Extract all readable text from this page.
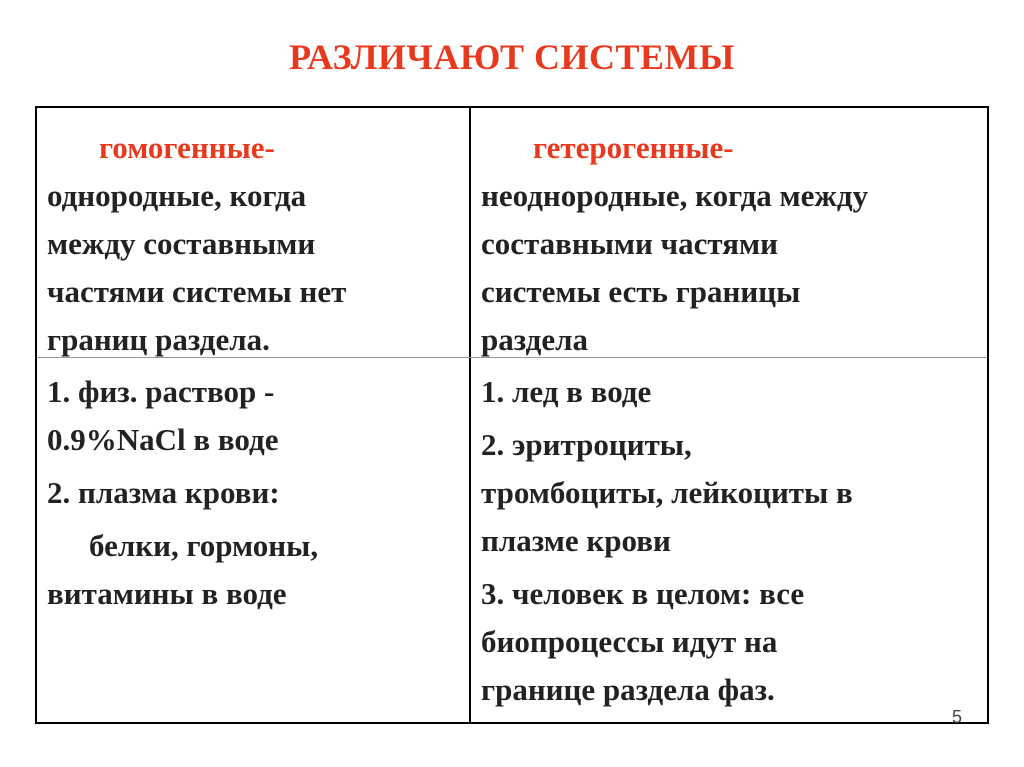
РАЗЛИЧАЮТ СИСТЕМЫ

гомогенные-

однородные, когда

между составными

частями системы нет

границ раздела.

гетерогенные-

неоднородные, когда между

составными частями

системы есть границы

раздела

1. физ. раствор -

0.9%NaCl в воде

2. плазма крови:

белки, гормоны,

витамины в воде

1. лед в воде

2. эритроциты,

тромбоциты, лейкоциты в

плазме крови

3. человек в целом: все

биопроцессы идут на

границе раздела фаз.

5
